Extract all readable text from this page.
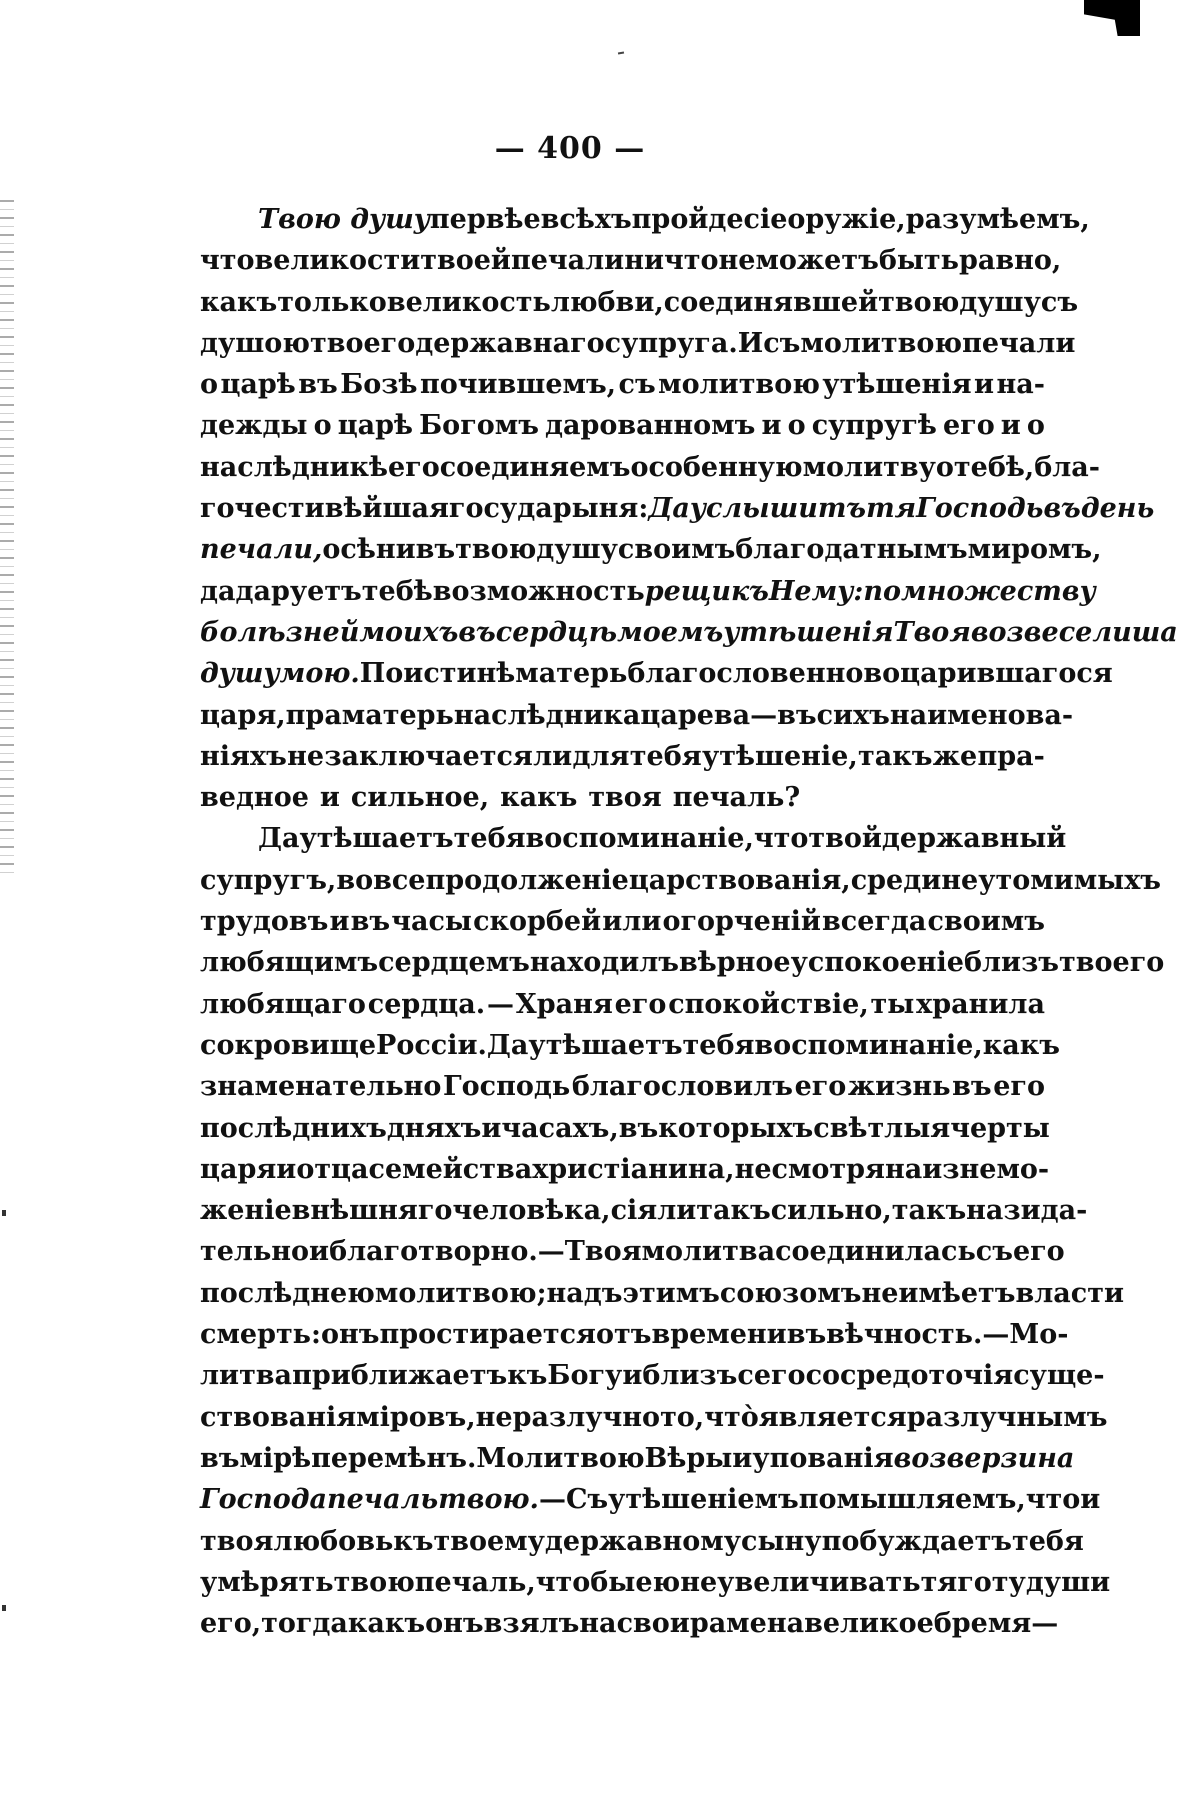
— 400 —
Твою душу первѣе всѣхъ пройде сіе оружіе, разумѣемъ,
что великости твоей печали ничто не можетъ быть равно,
какъ только великость любви, соединявшей твою душу съ
душою твоего державнаго супруга. И съ молитвою печали
о царѣ въ Бозѣ почившемъ, съ молитвою утѣшенія и на-
дежды о царѣ Богомъ дарованномъ и о супругѣ его и о
наслѣдникѣ его соединяемъ особенную молитву о тебѣ, бла-
гочестивѣйшая государыня: Да услышитъ тя Господь въ день
печали, осѣнивъ твою душу своимъ благодатнымъ миромъ,
да даруетъ тебѣ возможность рещи къ Нему: по множеству
болѣзней моихъ въ сердцѣ моемъ утѣшенія Твоя возвеселиша
душу мою. По истинѣ матерь благословенно воцарившагося
царя, праматерь наслѣдника царева—въ сихъ наименова-
ніяхъ не заключается ли для тебя утѣшеніе, такъ же пра-
ведное и сильное, какъ твоя печаль?
Да утѣшаетъ тебя воспоминаніе, что твой державный
супругъ, во все продолженіе царствованія, среди неутомимыхъ
трудовъ и въ часы скорбей или огорченій всегда своимъ
любящимъ сердцемъ находилъ вѣрное успокоеніе близъ твоего
любящаго сердца. — Храня его спокойствіе, ты хранила
сокровище Россіи. Да утѣшаетъ тебя воспоминаніе, какъ
знаменательно Господь благословилъ его жизнь въ его
послѣднихъ дняхъ и часахъ, въ которыхъ свѣтлыя черты
царя и отца семейства христіанина, не смотря на изнемо-
женіе внѣшняго человѣка, сіяли такъ сильно, такъ назида-
тельно и благотворно. — Твоя молитва соединилась съ его
послѣднею молитвою; надъ этимъ союзомъ не имѣетъ власти
смерть: онъ простирается отъ времени въ вѣчность. — Мо-
литва приближаетъ къ Богу и близъ сего сосредоточія суще-
ствованія міровъ, неразлучно то, чтò является разлучнымъ
въ мірѣ перемѣнъ. Молитвою Вѣры и упованія возверзи на
Господа печаль твою. — Съ утѣшеніемъ помышляемъ, что и
твоя любовь къ твоему державному сыну побуждаетъ тебя
умѣрять твою печаль, чтобы ею не увеличивать тяготу души
его, тогда какъ онъ взялъ на свои рамена великое бремя —
